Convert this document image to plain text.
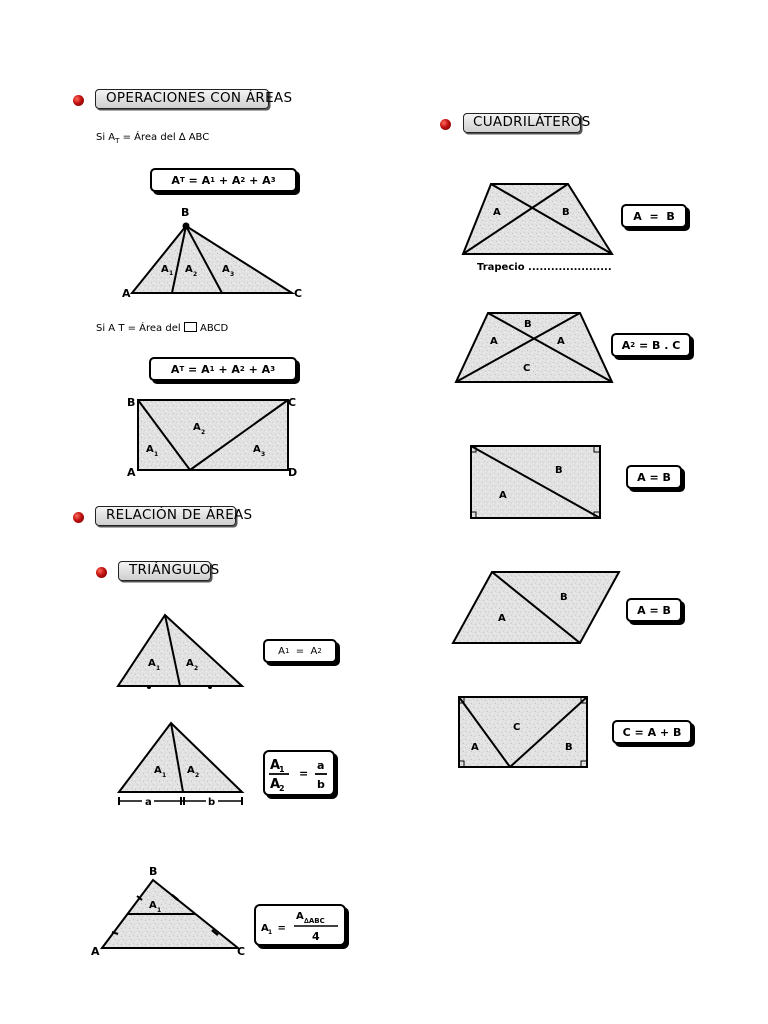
OPERACIONES CON ÁREAS
Si $A_T$ = Área del ∆ ABC
A T = A 1 + A 2 + A 3
B
A	C
A 1 A 2 A 3
Si A T = Área del  ABCD
A T = A 1 + A 2 + A 3
B	C
A	D
A 1
A 2
A 3
RELACIÓN DE ÁREAS
TRIÁNGULOS
A 1	A 2
A 1 = A 2
A 1 A 2
a	b
A
1
A
2
=
a
b
B
A	C
A 1
A 1 =
A ∆ABC
4
CUADRILÁTEROS
A	B
Trapecio ......................
A  =  B
B
A	A
C
A 2 = B . C
B
A
A = B
B
A
A = B
C
A	B
C = A + B
